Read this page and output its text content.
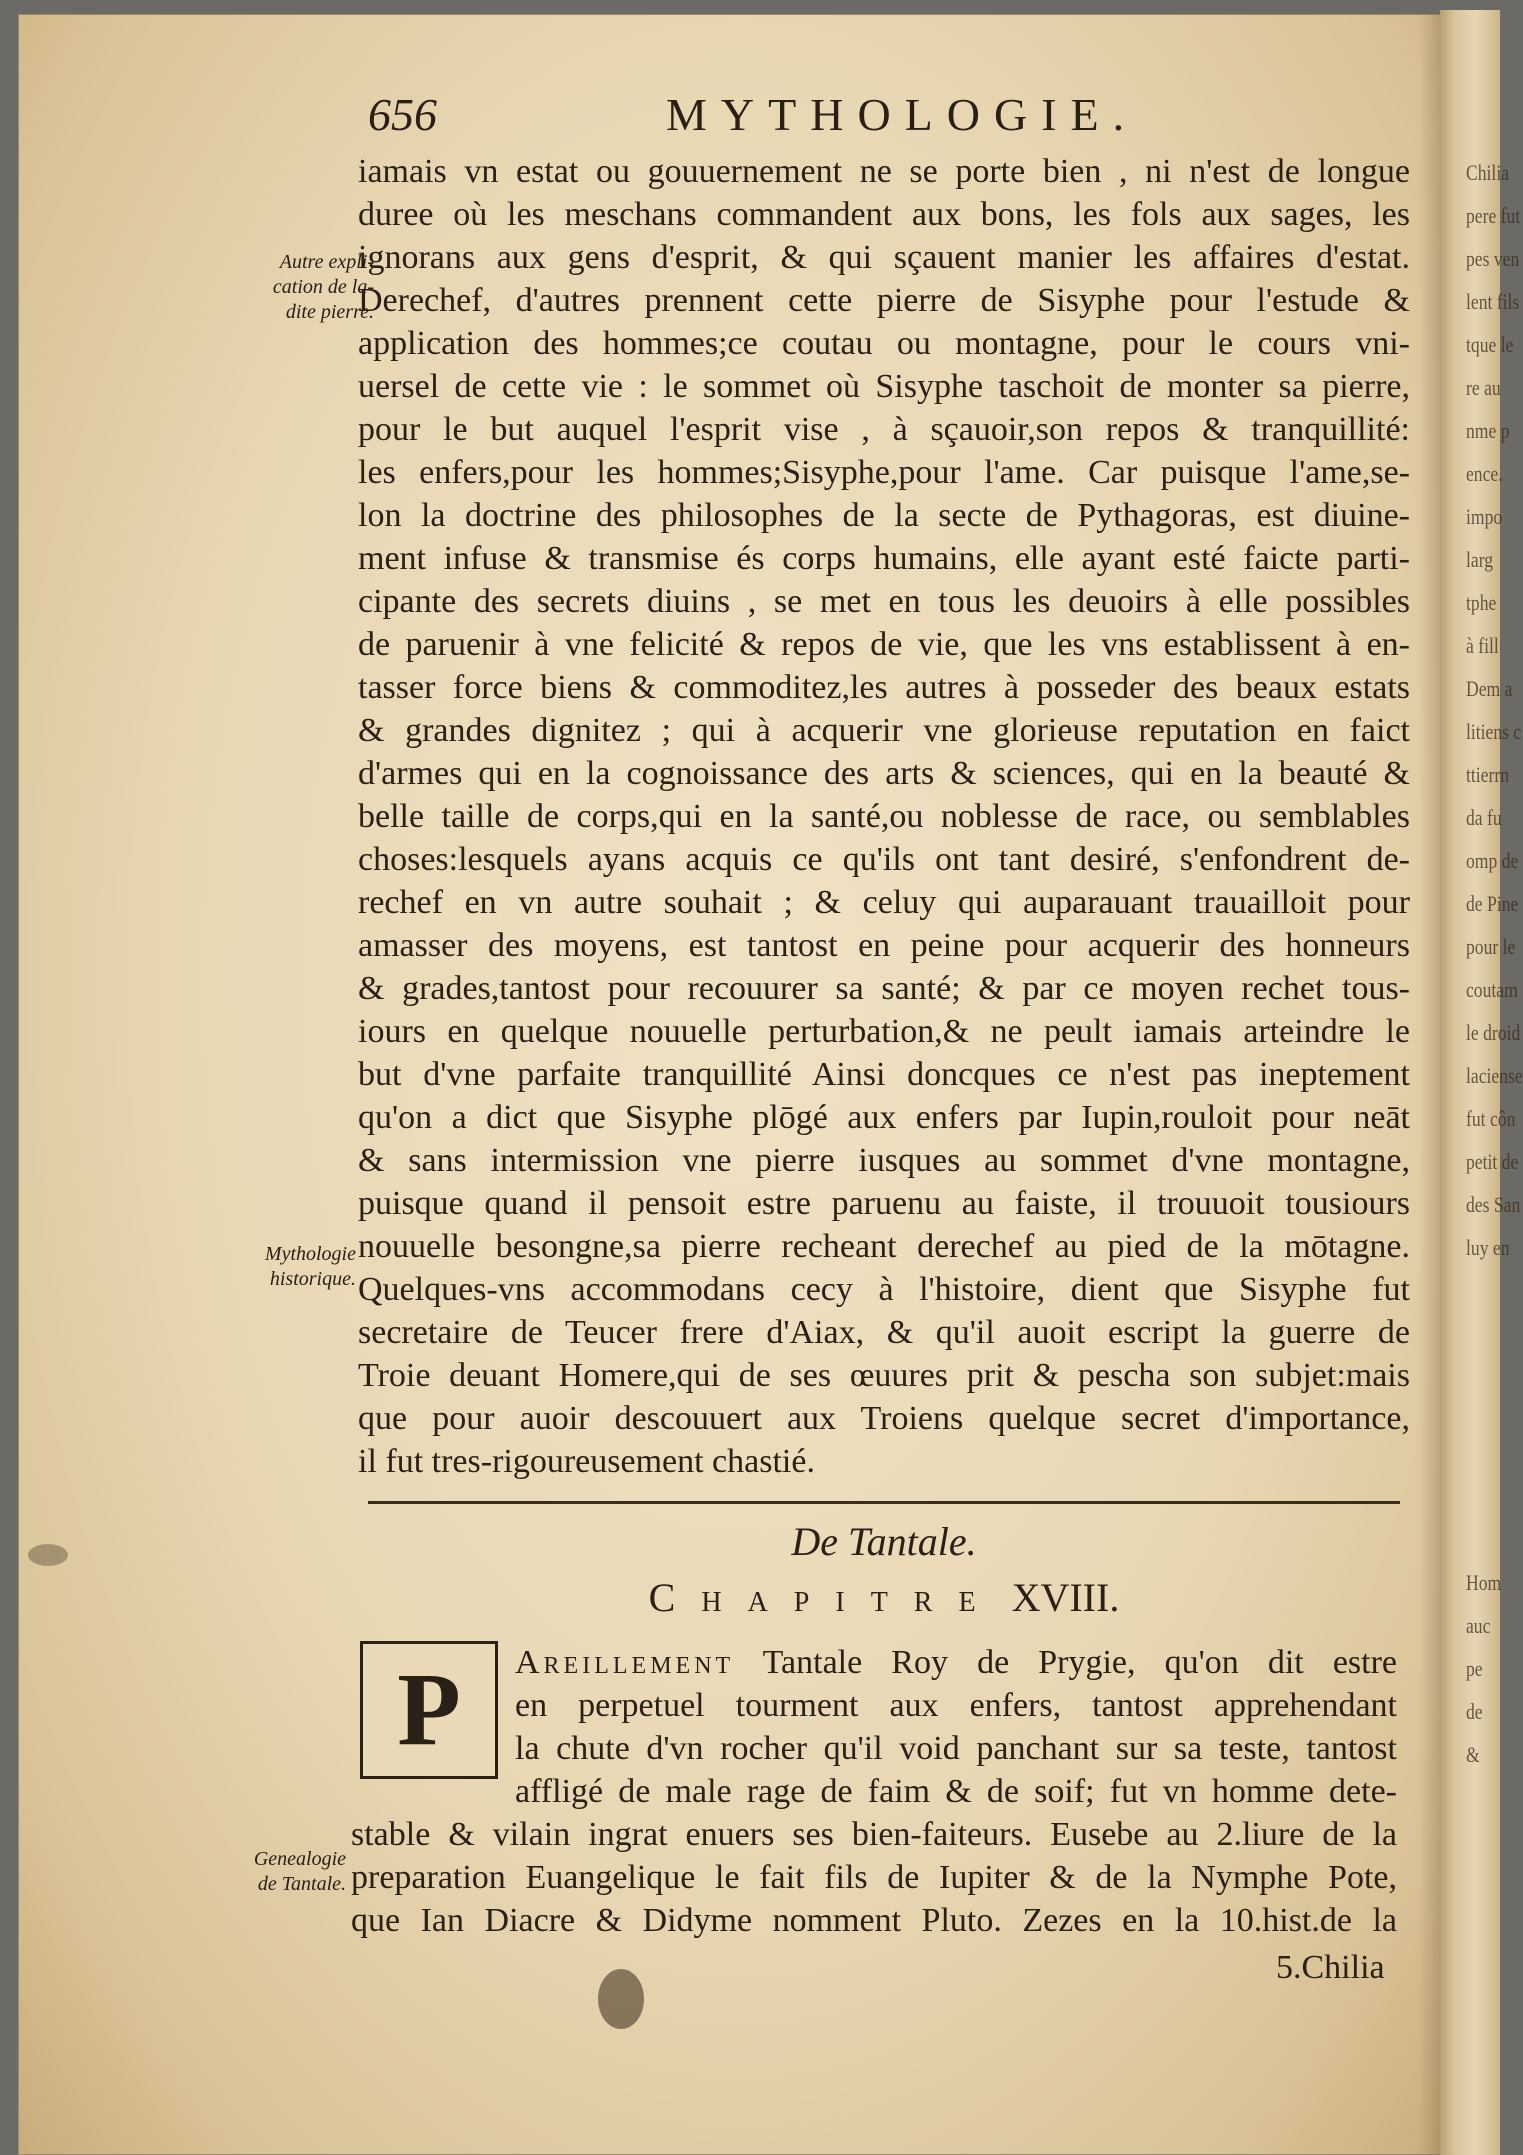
656	MYTHOLOGIE.
Autre expli-
cation de la-
dite pierre.
Mythologie
historique.
Genealogie
de Tantale.
iamais vn estat ou gouuernement ne se porte bien , ni n'est de longue
duree où les meschans commandent aux bons, les fols aux sages, les
ignorans aux gens d'esprit, & qui sçauent manier les affaires d'estat.
Derechef, d'autres prennent cette pierre de Sisyphe pour l'estude &
application des hommes;ce coutau ou montagne, pour le cours vni-
uersel de cette vie : le sommet où Sisyphe taschoit de monter sa pierre,
pour le but auquel l'esprit vise , à sçauoir,son repos & tranquillité:
les enfers,pour les hommes;Sisyphe,pour l'ame. Car puisque l'ame,se-
lon la doctrine des philosophes de la secte de Pythagoras, est diuine-
ment infuse & transmise és corps humains, elle ayant esté faicte parti-
cipante des secrets diuins , se met en tous les deuoirs à elle possibles
de paruenir à vne felicité & repos de vie, que les vns establissent à en-
tasser force biens & commoditez,les autres à posseder des beaux estats
& grandes dignitez ; qui à acquerir vne glorieuse reputation en faict
d'armes qui en la cognoissance des arts & sciences, qui en la beauté &
belle taille de corps,qui en la santé,ou noblesse de race, ou semblables
choses:lesquels ayans acquis ce qu'ils ont tant desiré, s'enfondrent de-
rechef en vn autre souhait ; & celuy qui auparauant trauailloit pour
amasser des moyens, est tantost en peine pour acquerir des honneurs
& grades,tantost pour recouurer sa santé; & par ce moyen rechet tous-
iours en quelque nouuelle perturbation,& ne peult iamais arteindre le
but d'vne parfaite tranquillité Ainsi doncques ce n'est pas ineptement
qu'on a dict que Sisyphe plōgé aux enfers par Iupin,rouloit pour neāt
& sans intermission vne pierre iusques au sommet d'vne montagne,
puisque quand il pensoit estre paruenu au faiste, il trouuoit tousiours
nouuelle besongne,sa pierre recheant derechef au pied de la mōtagne.
Quelques-vns accommodans cecy à l'histoire, dient que Sisyphe fut
secretaire de Teucer frere d'Aiax, & qu'il auoit escript la guerre de
Troie deuant Homere,qui de ses œuures prit & pescha son subjet:mais
que pour auoir descouuert aux Troiens quelque secret d'importance,
il fut tres-rigoureusement chastié.
De Tantale.
Chapitre XVIII.
P Areillement Tantale Roy de Prygie, qu'on dit estre
en perpetuel tourment aux enfers, tantost apprehendant
la chute d'vn rocher qu'il void panchant sur sa teste, tantost
affligé de male rage de faim & de soif; fut vn homme dete-
stable & vilain ingrat enuers ses bien-faiteurs. Eusebe au 2.liure de la
preparation Euangelique le fait fils de Iupiter & de la Nymphe Pote,
que Ian Diacre & Didyme nomment Pluto. Zezes en la 10.hist.de la
5.Chilia
Chilia
pere fut
pes ven
lent fils
tque le
re au
nme p
ence.
impo
larg
tphe
à fill
Dem a
litiens c
ttierrn
da fu
omp de
de Pine
pour le
coutam
le droid
laciense
fut côn
petit de
des San
luy en
Hom
auc
pe
de
&
